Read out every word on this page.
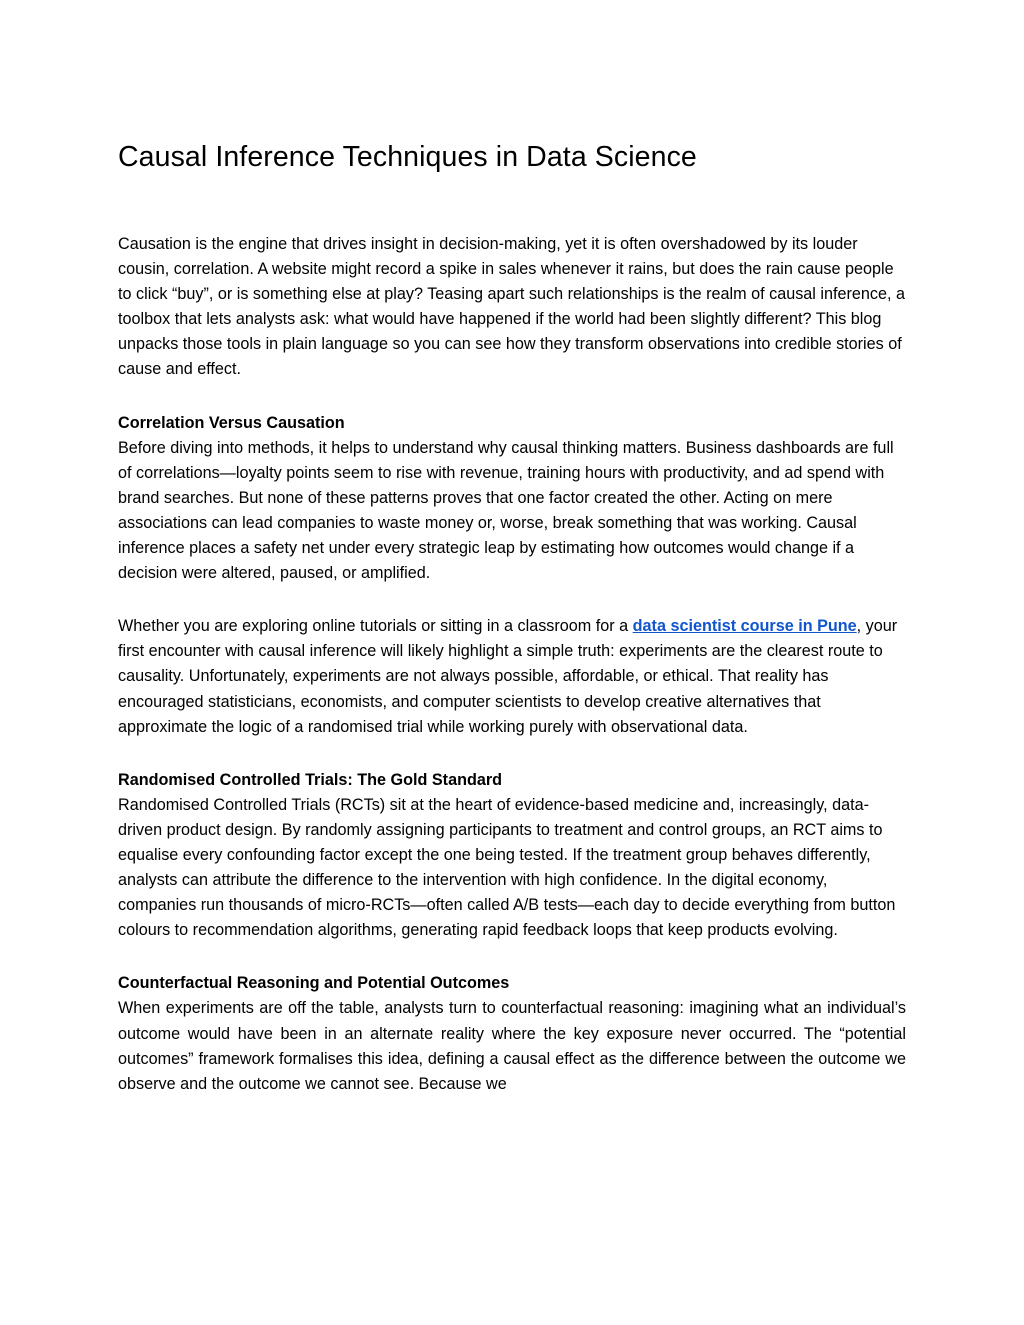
Causal Inference Techniques in Data Science

Causation is the engine that drives insight in decision-making, yet it is often overshadowed by its louder cousin, correlation. A website might record a spike in sales whenever it rains, but does the rain cause people to click “buy”, or is something else at play? Teasing apart such relationships is the realm of causal inference, a toolbox that lets analysts ask: what would have happened if the world had been slightly different? This blog unpacks those tools in plain language so you can see how they transform observations into credible stories of cause and effect.

Correlation Versus Causation

Before diving into methods, it helps to understand why causal thinking matters. Business dashboards are full of correlations—loyalty points seem to rise with revenue, training hours with productivity, and ad spend with brand searches. But none of these patterns proves that one factor created the other. Acting on mere associations can lead companies to waste money or, worse, break something that was working. Causal inference places a safety net under every strategic leap by estimating how outcomes would change if a decision were altered, paused, or amplified.

Whether you are exploring online tutorials or sitting in a classroom for a data scientist course in Pune, your first encounter with causal inference will likely highlight a simple truth: experiments are the clearest route to causality. Unfortunately, experiments are not always possible, affordable, or ethical. That reality has encouraged statisticians, economists, and computer scientists to develop creative alternatives that approximate the logic of a randomised trial while working purely with observational data.

Randomised Controlled Trials: The Gold Standard

Randomised Controlled Trials (RCTs) sit at the heart of evidence-based medicine and, increasingly, data-driven product design. By randomly assigning participants to treatment and control groups, an RCT aims to equalise every confounding factor except the one being tested. If the treatment group behaves differently, analysts can attribute the difference to the intervention with high confidence. In the digital economy, companies run thousands of micro-RCTs—often called A/B tests—each day to decide everything from button colours to recommendation algorithms, generating rapid feedback loops that keep products evolving.

Counterfactual Reasoning and Potential Outcomes

When experiments are off the table, analysts turn to counterfactual reasoning: imagining what an individual’s outcome would have been in an alternate reality where the key exposure never occurred. The “potential outcomes” framework formalises this idea, defining a causal effect as the difference between the outcome we observe and the outcome we cannot see. Because we
